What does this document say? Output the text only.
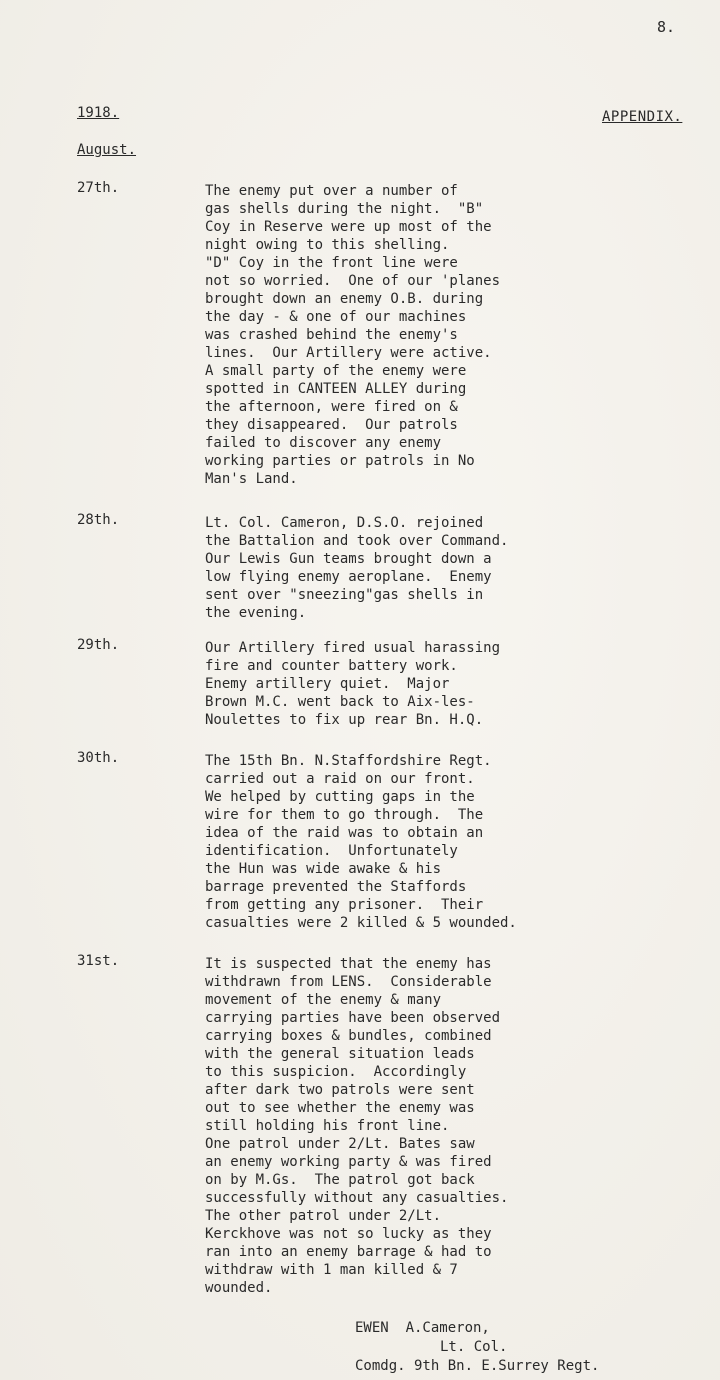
8.
1918.	APPENDIX.
August.
27th.	The enemy put over a number of
gas shells during the night.  "B"
Coy in Reserve were up most of the
night owing to this shelling.
"D" Coy in the front line were
not so worried.  One of our 'planes
brought down an enemy O.B. during
the day - & one of our machines
was crashed behind the enemy's
lines.  Our Artillery were active.
A small party of the enemy were
spotted in CANTEEN ALLEY during
the afternoon, were fired on &
they disappeared.  Our patrols
failed to discover any enemy
working parties or patrols in No
Man's Land.
28th.	Lt. Col. Cameron, D.S.O. rejoined
the Battalion and took over Command.
Our Lewis Gun teams brought down a
low flying enemy aeroplane.  Enemy
sent over "sneezing"gas shells in
the evening.
29th.	Our Artillery fired usual harassing
fire and counter battery work.
Enemy artillery quiet.  Major
Brown M.C. went back to Aix-les-
Noulettes to fix up rear Bn. H.Q.
30th.	The 15th Bn. N.Staffordshire Regt.
carried out a raid on our front.
We helped by cutting gaps in the
wire for them to go through.  The
idea of the raid was to obtain an
identification.  Unfortunately
the Hun was wide awake & his
barrage prevented the Staffords
from getting any prisoner.  Their
casualties were 2 killed & 5 wounded.
31st.	It is suspected that the enemy has
withdrawn from LENS.  Considerable
movement of the enemy & many
carrying parties have been observed
carrying boxes & bundles, combined
with the general situation leads
to this suspicion.  Accordingly
after dark two patrols were sent
out to see whether the enemy was
still holding his front line.
One patrol under 2/Lt. Bates saw
an enemy working party & was fired
on by M.Gs.  The patrol got back
successfully without any casualties.
The other patrol under 2/Lt.
Kerckhove was not so lucky as they
ran into an enemy barrage & had to
withdraw with 1 man killed & 7
wounded.
EWEN  A.Cameron,
Lt. Col.
Comdg. 9th Bn. E.Surrey Regt.
